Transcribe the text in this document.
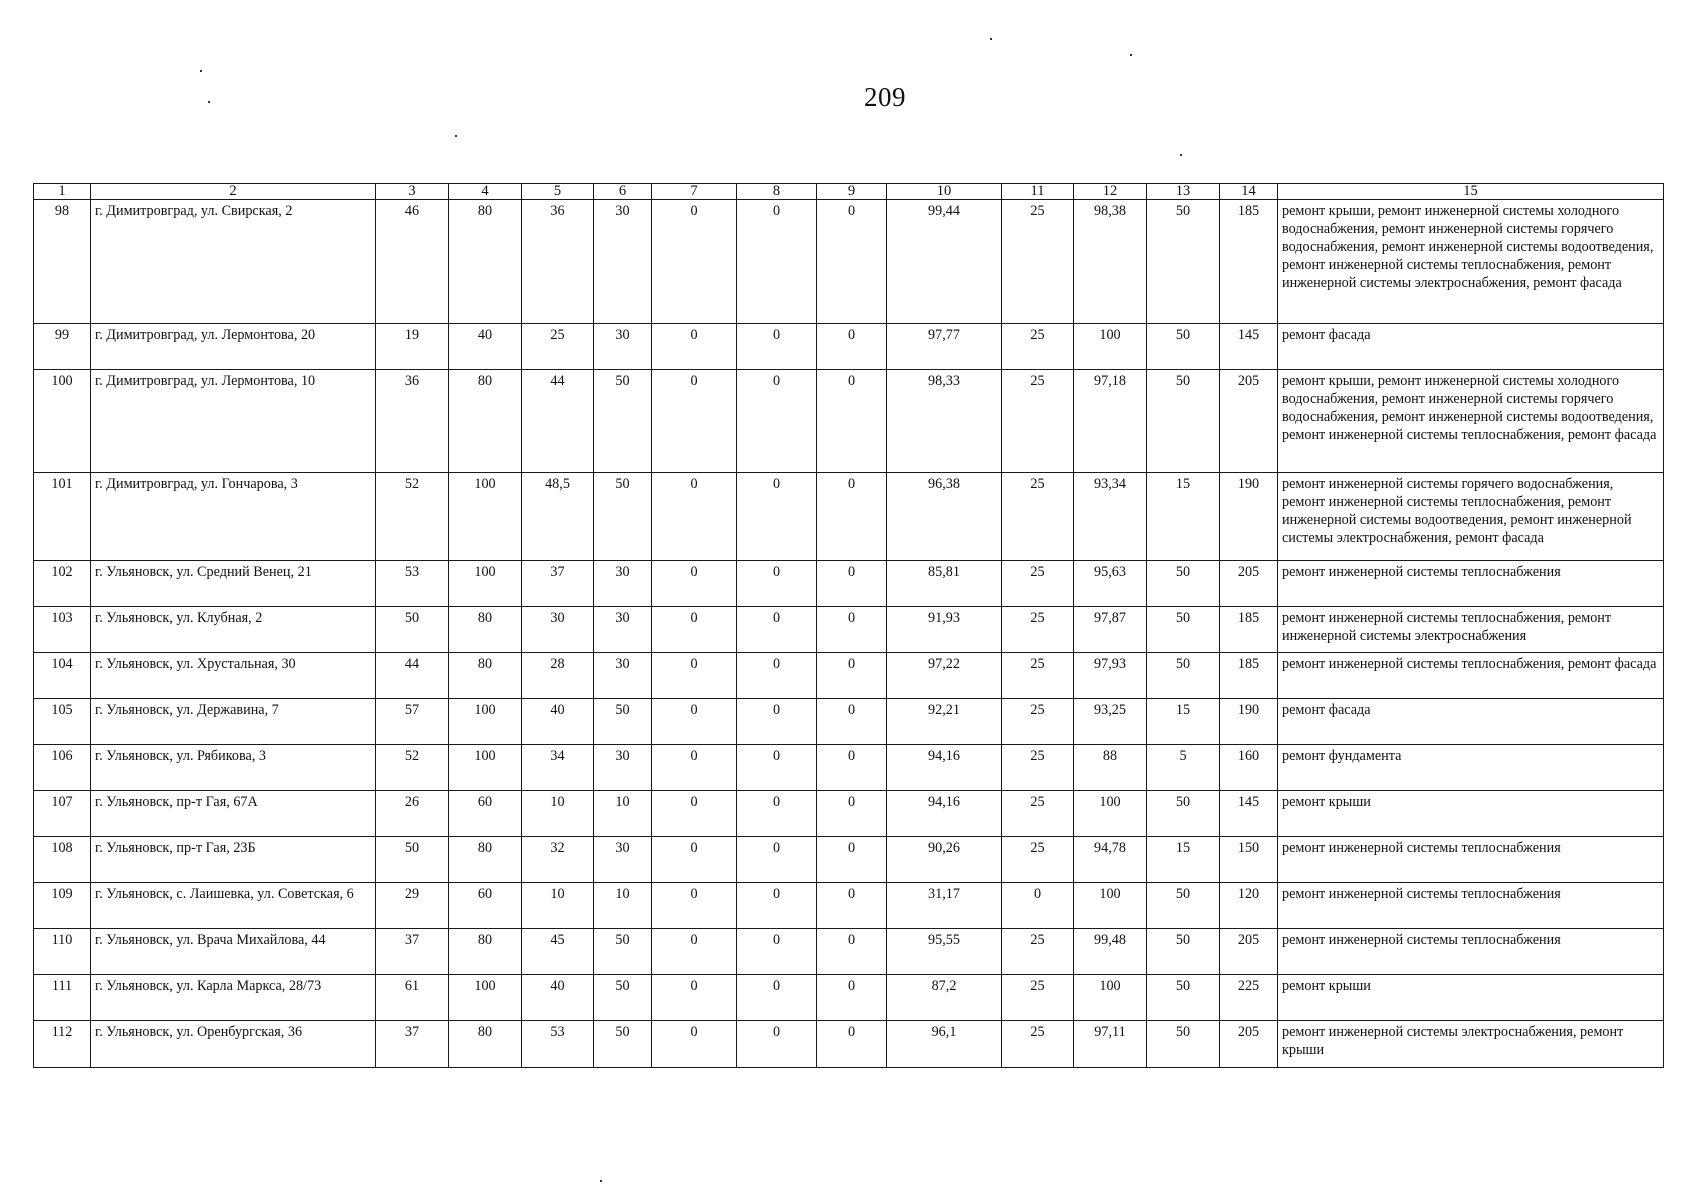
209
1	2	3	4	5	6	7	8	9	10	11	12	13	14	15
98	г. Димитровград, ул. Свирская, 2	46	80	36	30	0	0	0	99,44	25	98,38	50	185	ремонт крыши, ремонт инженерной системы холодного водоснабжения, ремонт инженерной системы горячего водоснабжения, ремонт инженерной системы водоотведения, ремонт инженерной системы теплоснабжения, ремонт инженерной системы электроснабжения, ремонт фасада
99	г. Димитровград, ул. Лермонтова, 20	19	40	25	30	0	0	0	97,77	25	100	50	145	ремонт фасада
100	г. Димитровград, ул. Лермонтова, 10	36	80	44	50	0	0	0	98,33	25	97,18	50	205	ремонт крыши, ремонт инженерной системы холодного водоснабжения, ремонт инженерной системы горячего водоснабжения, ремонт инженерной системы водоотведения, ремонт инженерной системы теплоснабжения, ремонт фасада
101	г. Димитровград, ул. Гончарова, 3	52	100	48,5	50	0	0	0	96,38	25	93,34	15	190	ремонт инженерной системы горячего водоснабжения, ремонт инженерной системы теплоснабжения, ремонт инженерной системы водоотведения, ремонт инженерной системы электроснабжения, ремонт фасада
102	г. Ульяновск, ул. Средний Венец, 21	53	100	37	30	0	0	0	85,81	25	95,63	50	205	ремонт инженерной системы теплоснабжения
103	г. Ульяновск, ул. Клубная, 2	50	80	30	30	0	0	0	91,93	25	97,87	50	185	ремонт инженерной системы теплоснабжения, ремонт инженерной системы электроснабжения
104	г. Ульяновск, ул. Хрустальная, 30	44	80	28	30	0	0	0	97,22	25	97,93	50	185	ремонт инженерной системы теплоснабжения, ремонт фасада
105	г. Ульяновск, ул. Державина, 7	57	100	40	50	0	0	0	92,21	25	93,25	15	190	ремонт фасада
106	г. Ульяновск, ул. Рябикова, 3	52	100	34	30	0	0	0	94,16	25	88	5	160	ремонт фундамента
107	г. Ульяновск, пр-т Гая, 67А	26	60	10	10	0	0	0	94,16	25	100	50	145	ремонт крыши
108	г. Ульяновск, пр-т Гая, 23Б	50	80	32	30	0	0	0	90,26	25	94,78	15	150	ремонт инженерной системы теплоснабжения
109	г. Ульяновск, с. Лаишевка, ул. Советская, 6	29	60	10	10	0	0	0	31,17	0	100	50	120	ремонт инженерной системы теплоснабжения
110	г. Ульяновск, ул. Врача Михайлова, 44	37	80	45	50	0	0	0	95,55	25	99,48	50	205	ремонт инженерной системы теплоснабжения
111	г. Ульяновск, ул. Карла Маркса, 28/73	61	100	40	50	0	0	0	87,2	25	100	50	225	ремонт крыши
112	г. Ульяновск, ул. Оренбургская, 36	37	80	53	50	0	0	0	96,1	25	97,11	50	205	ремонт инженерной системы электроснабжения, ремонт крыши
